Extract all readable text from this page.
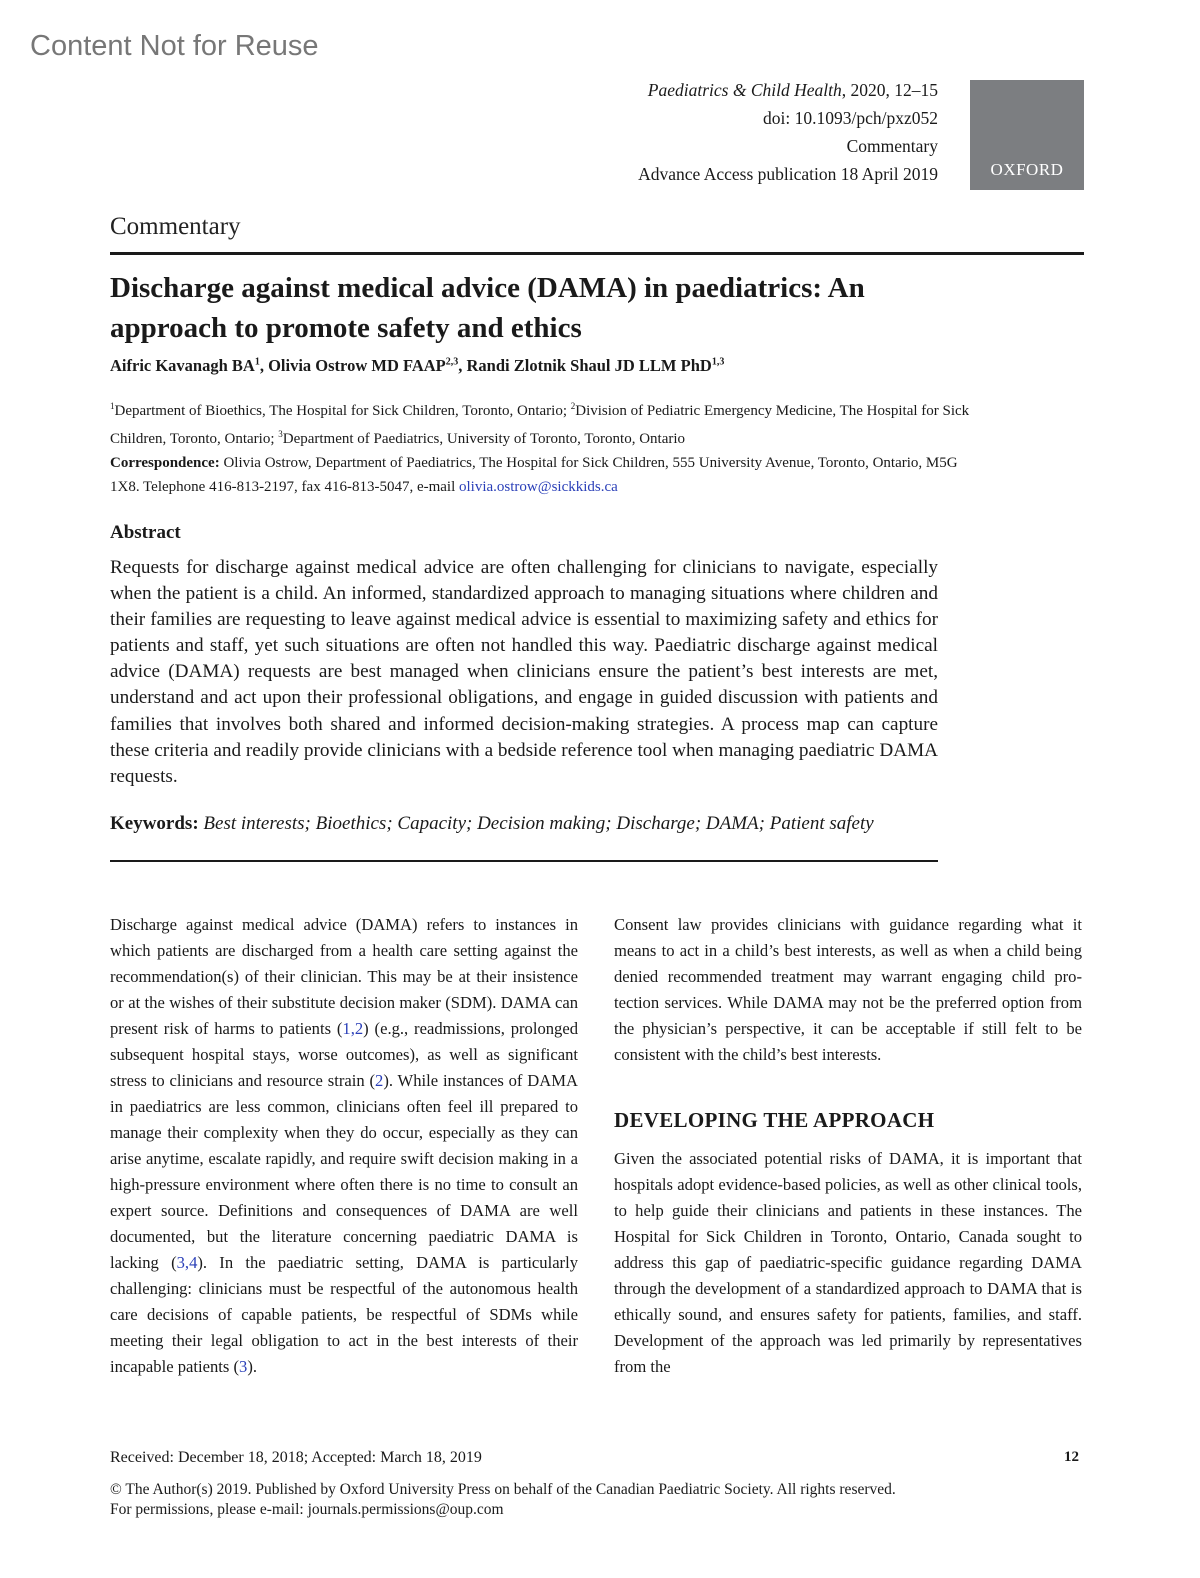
Content Not for Reuse
Paediatrics & Child Health, 2020, 12–15
doi: 10.1093/pch/pxz052
Commentary
Advance Access publication 18 April 2019	OXFORD
Commentary
Discharge against medical advice (DAMA) in paediatrics: An
approach to promote safety and ethics
Aifric Kavanagh $BA^1$, Olivia Ostrow MD FAAP$^{2,3}$, Randi Zlotnik Shaul JD LLM PhD$^{1,3}$
$^1$Department of Bioethics, The Hospital for Sick Children, Toronto, Ontario; $^2$Division of Pediatric Emergency Medicine, The Hospital for Sick Children, Toronto, Ontario; $^3$Department of Paediatrics, University of Toronto, Toronto, Ontario
Correspondence: Olivia Ostrow, Department of Paediatrics, The Hospital for Sick Children, 555 University Avenue, Toronto, Ontario, M5G 1X8. Telephone 416-813-2197, fax 416-813-5047, e-mail olivia.ostrow@sickkids.ca
Abstract
Requests for discharge against medical advice are often challenging for clinicians to navigate, especially when the patient is a child. An informed, standardized approach to managing situations where children and their families are requesting to leave against medical advice is essential to maximizing safety and ethics for patients and staff, yet such situations are often not handled this way. Paediatric discharge against medical advice (DAMA) requests are best managed when clinicians ensure the patient’s best interests are met, understand and act upon their professional obligations, and engage in guided discussion with patients and families that involves both shared and informed decision-making strategies. A process map can capture these criteria and readily provide clinicians with a bedside reference tool when managing paediatric DAMA requests.
Keywords: Best interests; Bioethics; Capacity; Decision making; Discharge; DAMA; Patient safety

Discharge against medical advice (DAMA) refers to instances in which patients are discharged from a health care setting against the recommendation(s) of their clinician. This may be at their insistence or at the wishes of their substitute decision maker (SDM). DAMA can present risk of harms to patients (1,2) (e.g., readmissions, prolonged subsequent hospital stays, worse outcomes), as well as significant stress to clinicians and resource strain (2). While instances of DAMA in paediatrics are less common, clinicians often feel ill prepared to manage their complexity when they do occur, especially as they can arise anytime, escalate rapidly, and require swift decision making in a high-pressure environment where often there is no time to consult an expert source. Definitions and consequences of DAMA are well documented, but the literature concerning paediatric DAMA is lacking (3,4). In the paediatric setting, DAMA is particularly challenging: clinicians must be respectful of the autonomous health care decisions of capable patients, be respectful of SDMs while meeting their legal obligation to act in the best interests of their incapable patients (3).

Consent law provides clinicians with guidance regarding what it means to act in a child’s best interests, as well as when a child being denied recommended treatment may warrant engaging child protection services. While DAMA may not be the preferred option from the physician’s perspective, it can be acceptable if still felt to be consistent with the child’s best interests.

DEVELOPING THE APPROACH

Given the associated potential risks of DAMA, it is important that hospitals adopt evidence-based policies, as well as other clinical tools, to help guide their clinicians and patients in these instances. The Hospital for Sick Children in Toronto, Ontario, Canada sought to address this gap of paediatric-specific guidance regarding DAMA through the development of a standardized approach to DAMA that is ethically sound, and ensures safety for patients, families, and staff. Development of the approach was led primarily by representatives from the

Received: December 18, 2018; Accepted: March 18, 2019	12
© The Author(s) 2019. Published by Oxford University Press on behalf of the Canadian Paediatric Society. All rights reserved.
For permissions, please e-mail: journals.permissions@oup.com
